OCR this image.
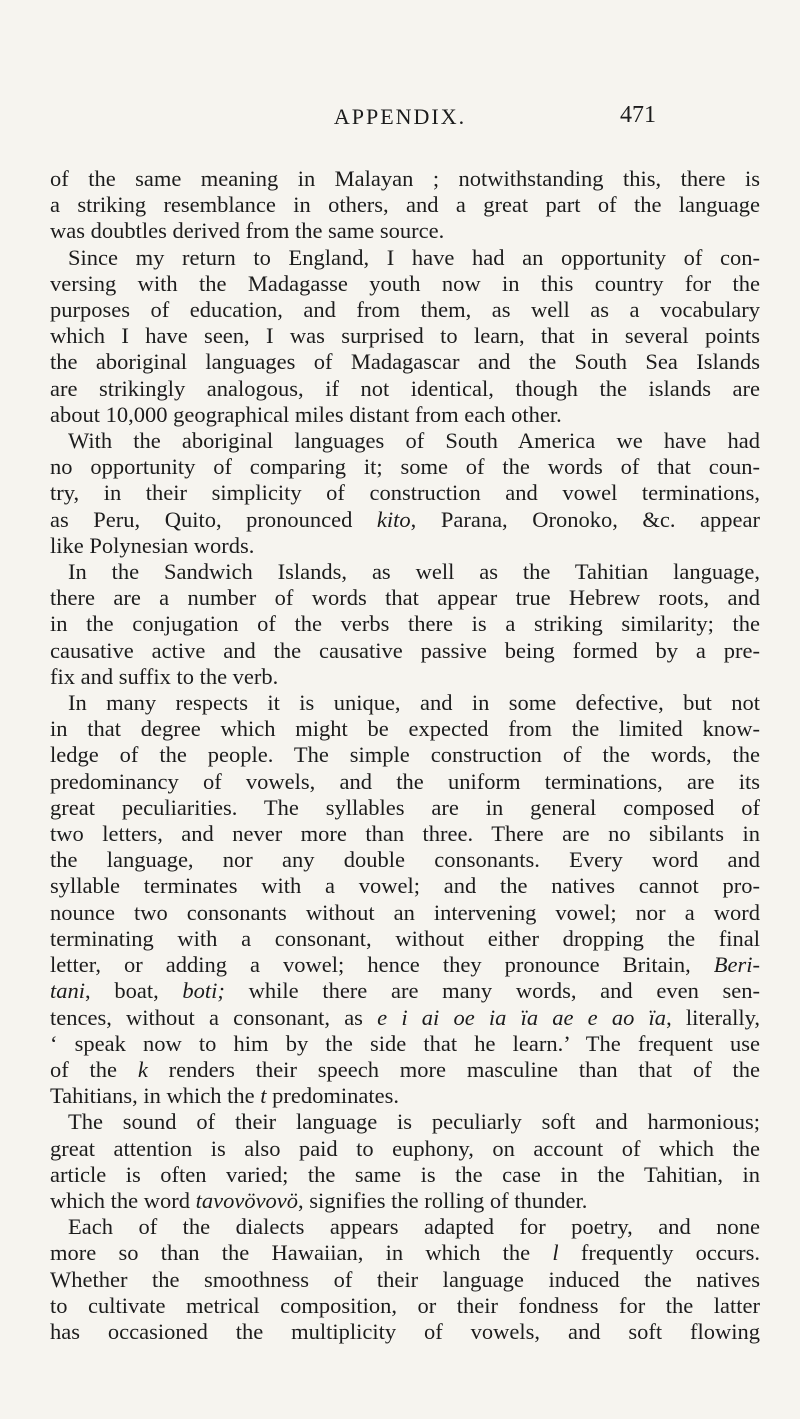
APPENDIX.	471
of the same meaning in Malayan ; notwithstanding this, there is
a striking resemblance in others, and a great part of the language
was doubtles derived from the same source.
Since my return to England, I have had an opportunity of con-
versing with the Madagasse youth now in this country for the
purposes of education, and from them, as well as a vocabulary
which I have seen, I was surprised to learn, that in several points
the aboriginal languages of Madagascar and the South Sea Islands
are strikingly analogous, if not identical, though the islands are
about 10,000 geographical miles distant from each other.
With the aboriginal languages of South America we have had
no opportunity of comparing it; some of the words of that coun-
try, in their simplicity of construction and vowel terminations,
as Peru, Quito, pronounced kito, Parana, Oronoko, &c. appear
like Polynesian words.
In the Sandwich Islands, as well as the Tahitian language,
there are a number of words that appear true Hebrew roots, and
in the conjugation of the verbs there is a striking similarity; the
causative active and the causative passive being formed by a pre-
fix and suffix to the verb.
In many respects it is unique, and in some defective, but not
in that degree which might be expected from the limited know-
ledge of the people. The simple construction of the words, the
predominancy of vowels, and the uniform terminations, are its
great peculiarities. The syllables are in general composed of
two letters, and never more than three. There are no sibilants in
the language, nor any double consonants. Every word and
syllable terminates with a vowel; and the natives cannot pro-
nounce two consonants without an intervening vowel; nor a word
terminating with a consonant, without either dropping the final
letter, or adding a vowel; hence they pronounce Britain, Beri-
tani, boat, boti; while there are many words, and even sen-
tences, without a consonant, as e i ai oe ia ïa ae e ao ïa, literally,
‘ speak now to him by the side that he learn.’ The frequent use
of the k renders their speech more masculine than that of the
Tahitians, in which the t predominates.
The sound of their language is peculiarly soft and harmonious;
great attention is also paid to euphony, on account of which the
article is often varied; the same is the case in the Tahitian, in
which the word tavovövovö, signifies the rolling of thunder.
Each of the dialects appears adapted for poetry, and none
more so than the Hawaiian, in which the l frequently occurs.
Whether the smoothness of their language induced the natives
to cultivate metrical composition, or their fondness for the latter
has occasioned the multiplicity of vowels, and soft flowing
